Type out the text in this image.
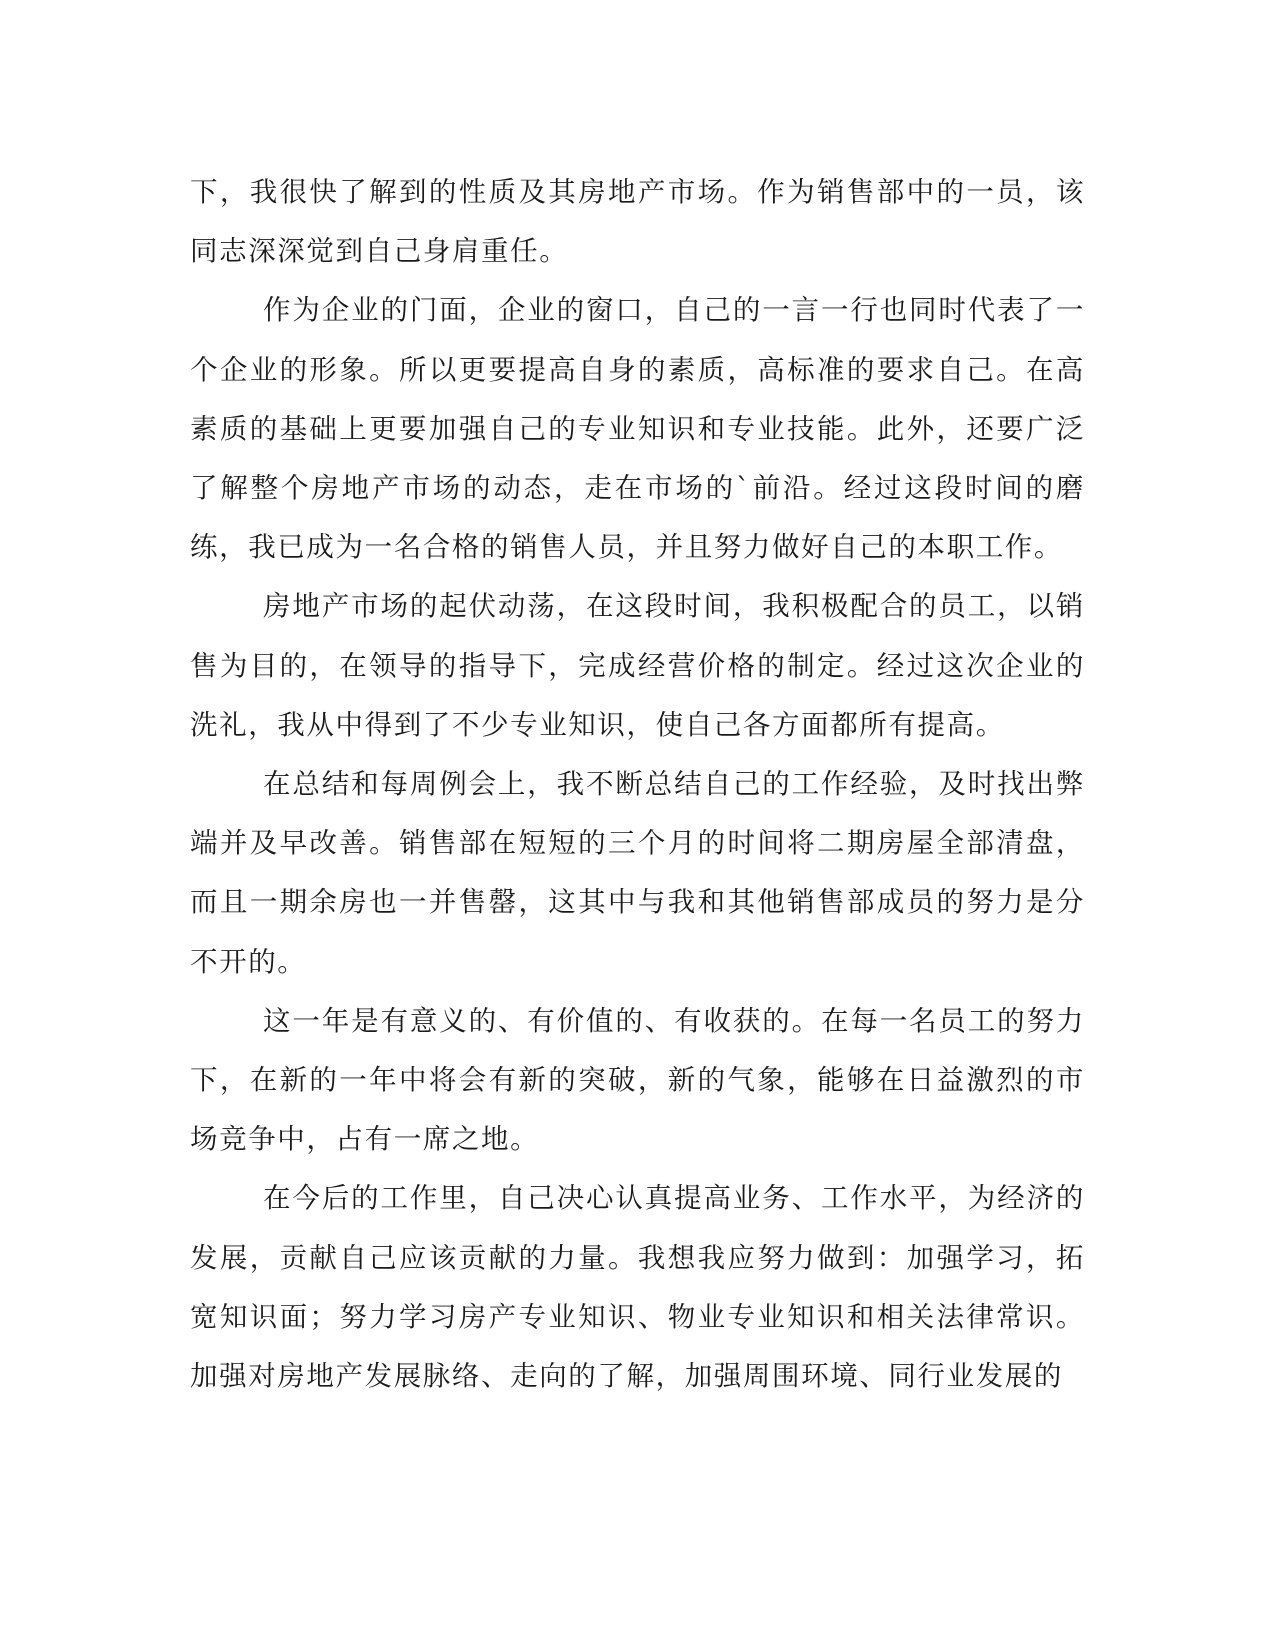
下，我很快了解到的性质及其房地产市场。作为销售部中的一员，该同志深深觉到自己身肩重任。

作为企业的门面，企业的窗口，自己的一言一行也同时代表了一个企业的形象。所以更要提高自身的素质，高标准的要求自己。在高素质的基础上更要加强自己的专业知识和专业技能。此外，还要广泛了解整个房地产市场的动态，走在市场的`前沿。经过这段时间的磨练，我已成为一名合格的销售人员，并且努力做好自己的本职工作。

房地产市场的起伏动荡，在这段时间，我积极配合的员工，以销售为目的，在领导的指导下，完成经营价格的制定。经过这次企业的洗礼，我从中得到了不少专业知识，使自己各方面都所有提高。

在总结和每周例会上，我不断总结自己的工作经验，及时找出弊端并及早改善。销售部在短短的三个月的时间将二期房屋全部清盘，而且一期余房也一并售罄，这其中与我和其他销售部成员的努力是分不开的。

这一年是有意义的、有价值的、有收获的。在每一名员工的努力下，在新的一年中将会有新的突破，新的气象，能够在日益激烈的市场竞争中，占有一席之地。

在今后的工作里，自己决心认真提高业务、工作水平，为经济的发展，贡献自己应该贡献的力量。我想我应努力做到：加强学习，拓宽知识面；努力学习房产专业知识、物业专业知识和相关法律常识。加强对房地产发展脉络、走向的了解，加强周围环境、同行业发展的
